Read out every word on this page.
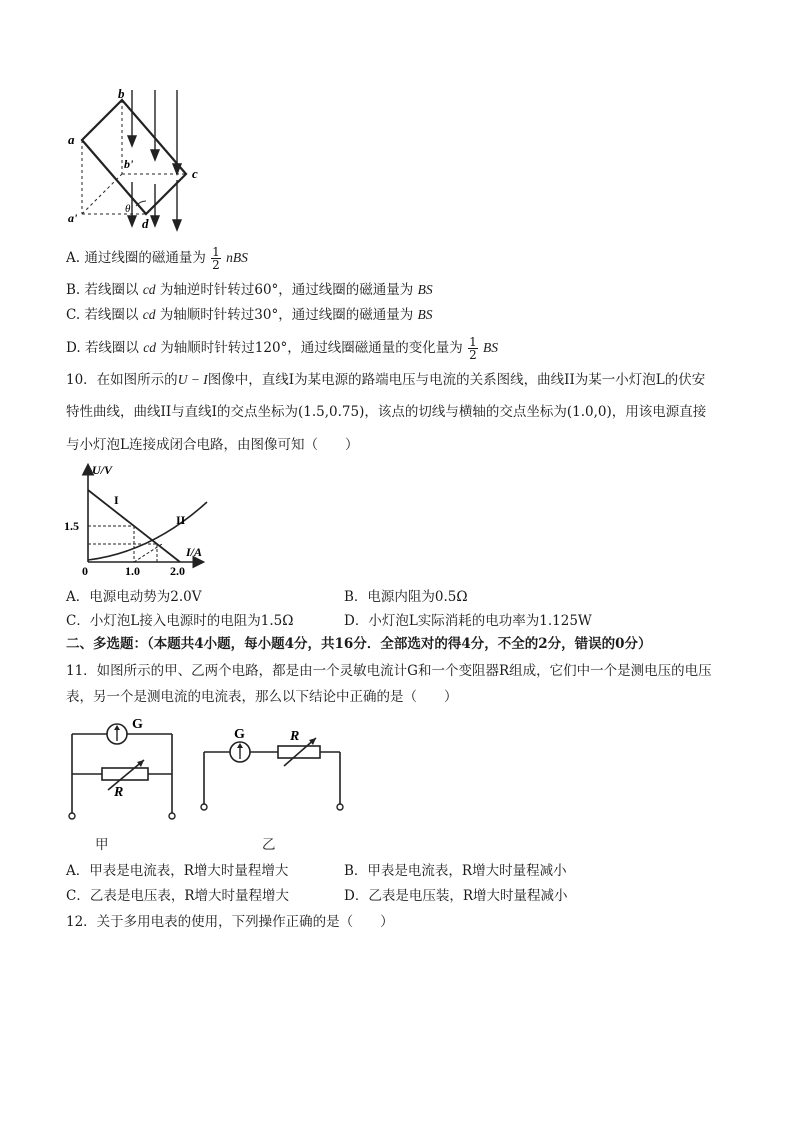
a
b
b'
c
a'	d
θ
A. 通过线圈的磁通量为 $\frac{1}{2}$ nBS
B. 若线圈以 cd 为轴逆时针转过60°，通过线圈的磁通量为 BS
C. 若线圈以 cd 为轴顺时针转过30°，通过线圈的磁通量为 BS
D. 若线圈以 cd 为轴顺时针转过120°，通过线圈磁通量的变化量为 $\frac{1}{2}$ BS
10．在如图所示的U − I图像中，直线I为某电源的路端电压与电流的关系图线，曲线II为某一小灯泡L的伏安
特性曲线，曲线II与直线I的交点坐标为(1.5,0.75)，该点的切线与横轴的交点坐标为(1.0,0)，用该电源直接
与小灯泡L连接成闭合电路，由图像可知（　　）
U/V
I/A
0
1.5
1.0	2.0
I
II
A．电源电动势为2.0V	B．电源内阻为0.5Ω
C．小灯泡L接入电源时的电阻为1.5Ω	D．小灯泡L实际消耗的电功率为1.125W
二、多选题：（本题共4小题，每小题4分，共16分．全部选对的得4分，不全的2分，错误的0分）
11．如图所示的甲、乙两个电路，都是由一个灵敏电流计G和一个变阻器R组成，它们中一个是测电压的电压
表，另一个是测电流的电流表，那么以下结论中正确的是（　　）
G
R
G	R
甲	乙
A．甲表是电流表，R增大时量程增大	B．甲表是电流表，R增大时量程减小
C．乙表是电压表，R增大时量程增大	D．乙表是电压装，R增大时量程减小
12．关于多用电表的使用，下列操作正确的是（　　）
